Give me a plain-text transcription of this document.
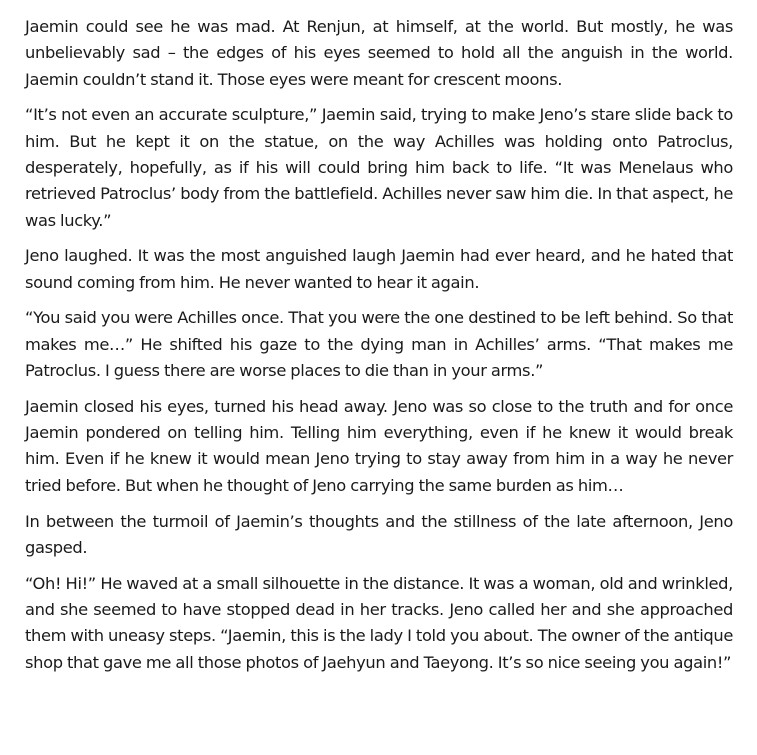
Jaemin could see he was mad. At Renjun, at himself, at the world. But mostly, he was unbelievably sad – the edges of his eyes seemed to hold all the anguish in the world. Jaemin couldn’t stand it. Those eyes were meant for crescent moons.

“It’s not even an accurate sculpture,” Jaemin said, trying to make Jeno’s stare slide back to him. But he kept it on the statue, on the way Achilles was holding onto Patroclus, desperately, hopefully, as if his will could bring him back to life. “It was Menelaus who retrieved Patroclus’ body from the battlefield. Achilles never saw him die. In that aspect, he was lucky.”

Jeno laughed. It was the most anguished laugh Jaemin had ever heard, and he hated that sound coming from him. He never wanted to hear it again.

“You said you were Achilles once. That you were the one destined to be left behind. So that makes me…” He shifted his gaze to the dying man in Achilles’ arms. “That makes me Patroclus. I guess there are worse places to die than in your arms.”

Jaemin closed his eyes, turned his head away. Jeno was so close to the truth and for once Jaemin pondered on telling him. Telling him everything, even if he knew it would break him. Even if he knew it would mean Jeno trying to stay away from him in a way he never tried before. But when he thought of Jeno carrying the same burden as him…

In between the turmoil of Jaemin’s thoughts and the stillness of the late afternoon, Jeno gasped.

“Oh! Hi!” He waved at a small silhouette in the distance. It was a woman, old and wrinkled, and she seemed to have stopped dead in her tracks. Jeno called her and she approached them with uneasy steps. “Jaemin, this is the lady I told you about. The owner of the antique shop that gave me all those photos of Jaehyun and Taeyong. It’s so nice seeing you again!”
